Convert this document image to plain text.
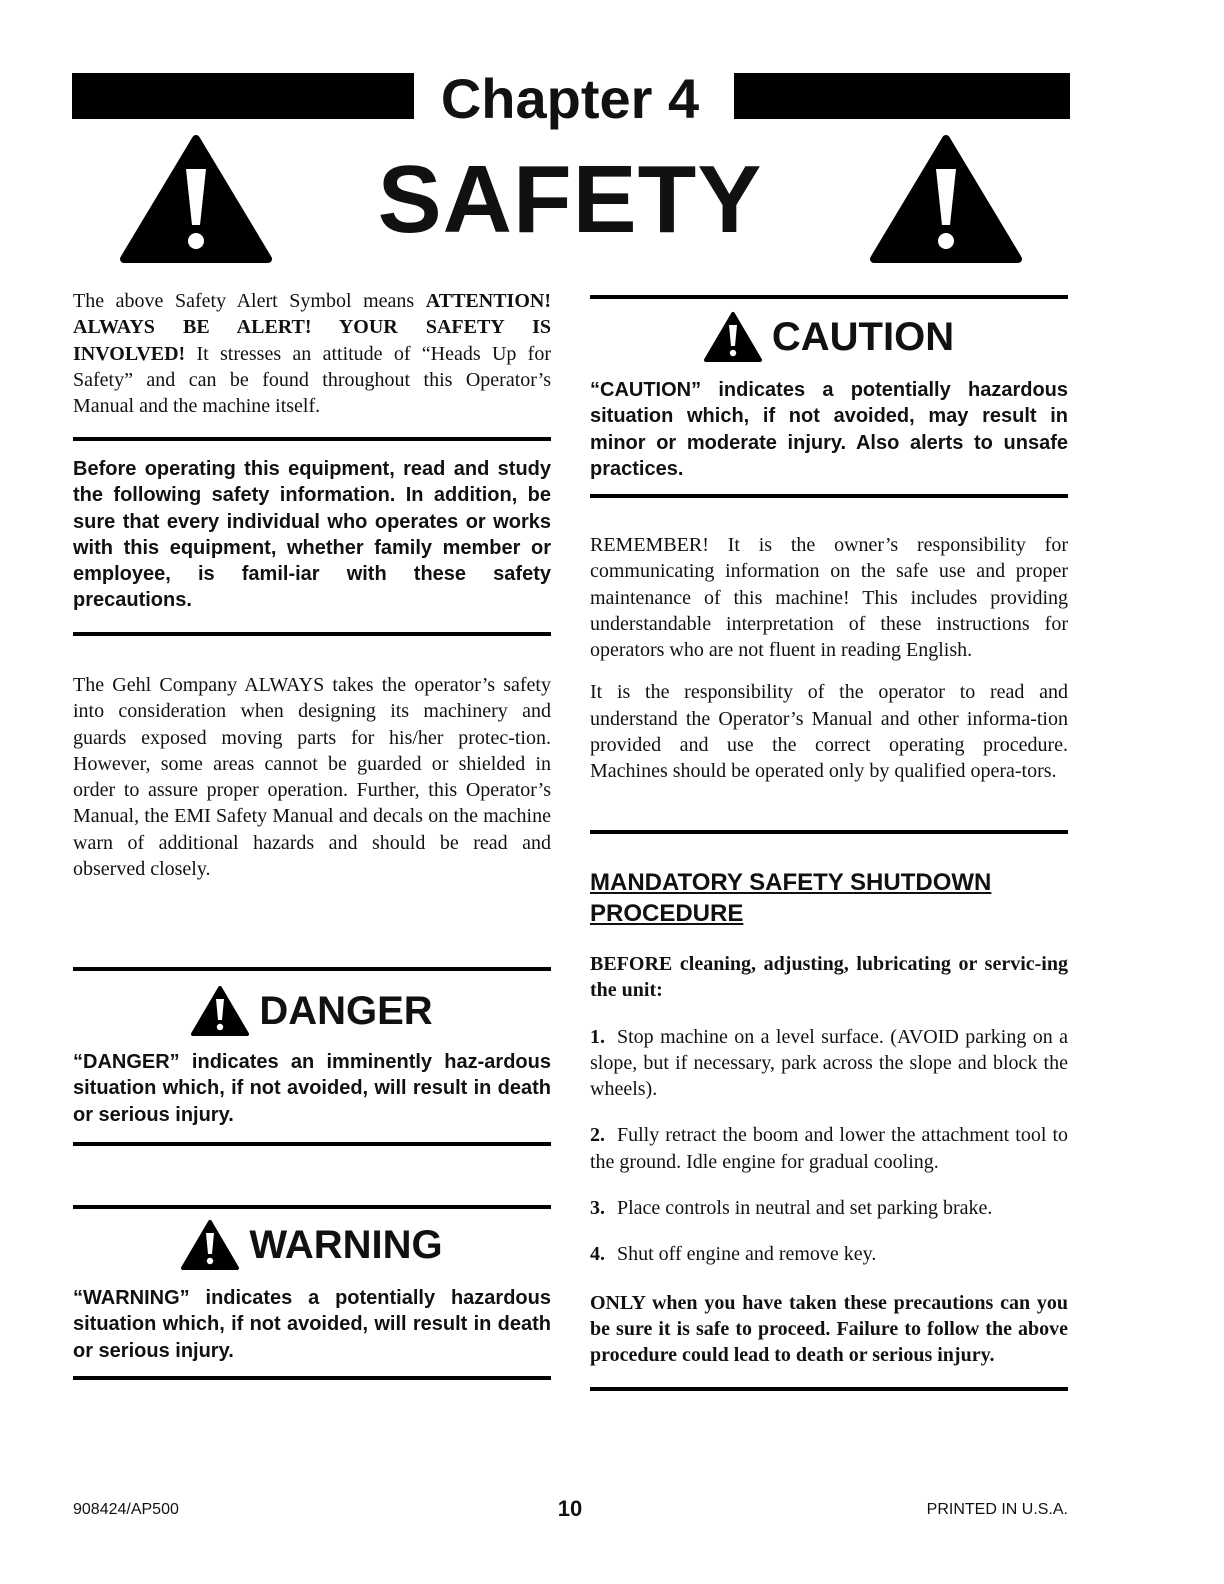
Chapter 4
SAFETY

The above Safety Alert Symbol means ATTENTION! ALWAYS BE ALERT! YOUR SAFETY IS INVOLVED! It stresses an attitude of “Heads Up for Safety” and can be found throughout this Operator’s Manual and the machine itself.

Before operating this equipment, read and study the following safety information. In addition, be sure that every individual who operates or works with this equipment, whether family member or employee, is famil-iar with these safety precautions.

The Gehl Company ALWAYS takes the operator’s safety into consideration when designing its machinery and guards exposed moving parts for his/her protec-tion. However, some areas cannot be guarded or shielded in order to assure proper operation. Further, this Operator’s Manual, the EMI Safety Manual and decals on the machine warn of additional hazards and should be read and observed closely.

DANGER

“DANGER” indicates an imminently haz-ardous situation which, if not avoided, will result in death or serious injury.

WARNING

“WARNING” indicates a potentially hazardous situation which, if not avoided, will result in death or serious injury.

CAUTION

“CAUTION” indicates a potentially hazardous situation which, if not avoided, may result in minor or moderate injury. Also alerts to unsafe practices.

REMEMBER! It is the owner’s responsibility for communicating information on the safe use and proper maintenance of this machine! This includes providing understandable interpretation of these instructions for operators who are not fluent in reading English.

It is the responsibility of the operator to read and understand the Operator’s Manual and other informa-tion provided and use the correct operating procedure. Machines should be operated only by qualified opera-tors.

MANDATORY SAFETY SHUTDOWN PROCEDURE

BEFORE cleaning, adjusting, lubricating or servic-ing the unit:

1. Stop machine on a level surface. (AVOID parking on a slope, but if necessary, park across the slope and block the wheels).

2. Fully retract the boom and lower the attachment tool to the ground. Idle engine for gradual cooling.

3. Place controls in neutral and set parking brake.

4. Shut off engine and remove key.

ONLY when you have taken these precautions can you be sure it is safe to proceed. Failure to follow the above procedure could lead to death or serious injury.

908424/AP500	10	PRINTED IN U.S.A.
